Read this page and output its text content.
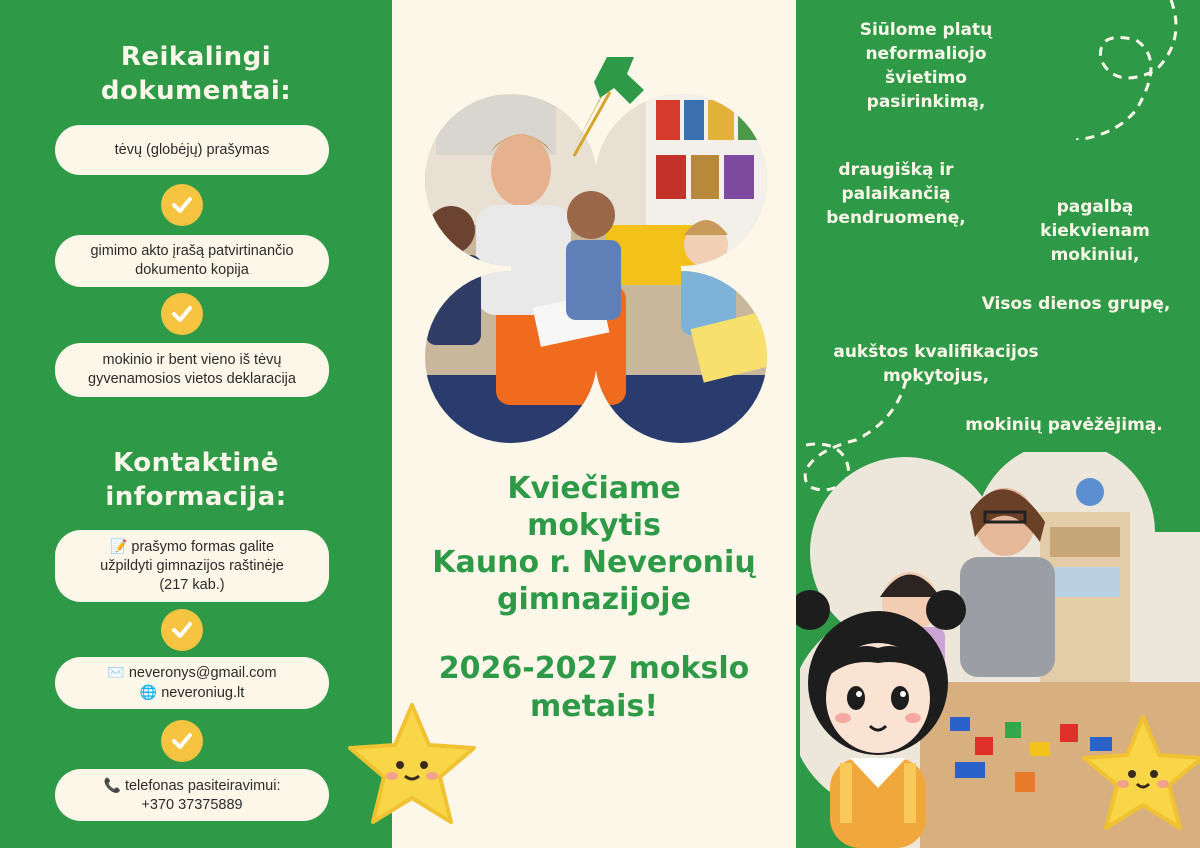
Reikalingi
dokumentai:
tėvų (globėjų) prašymas
gimimo akto įrašą patvirtinančio
dokumento kopija
mokinio ir bent vieno iš tėvų
gyvenamosios vietos deklaracija
Kontaktinė
informacija:
📝 prašymo formas galite
užpildyti gimnazijos raštinėje
(217 kab.)
✉️ neveronys@gmail.com
🌐 neveroniug.lt
📞 telefonas pasiteiravimui:
+370 37375889
Kviečiame
mokytis
Kauno r. Neveronių
gimnazijoje
2026-2027 mokslo
metais!
Siūlome platų
neformaliojo
švietimo
pasirinkimą,
draugišką ir
palaikančią
bendruomenę,
pagalbą
kiekvienam
mokiniui,
Visos dienos grupę,
aukštos kvalifikacijos
mokytojus,
mokinių pavėžėjimą.
